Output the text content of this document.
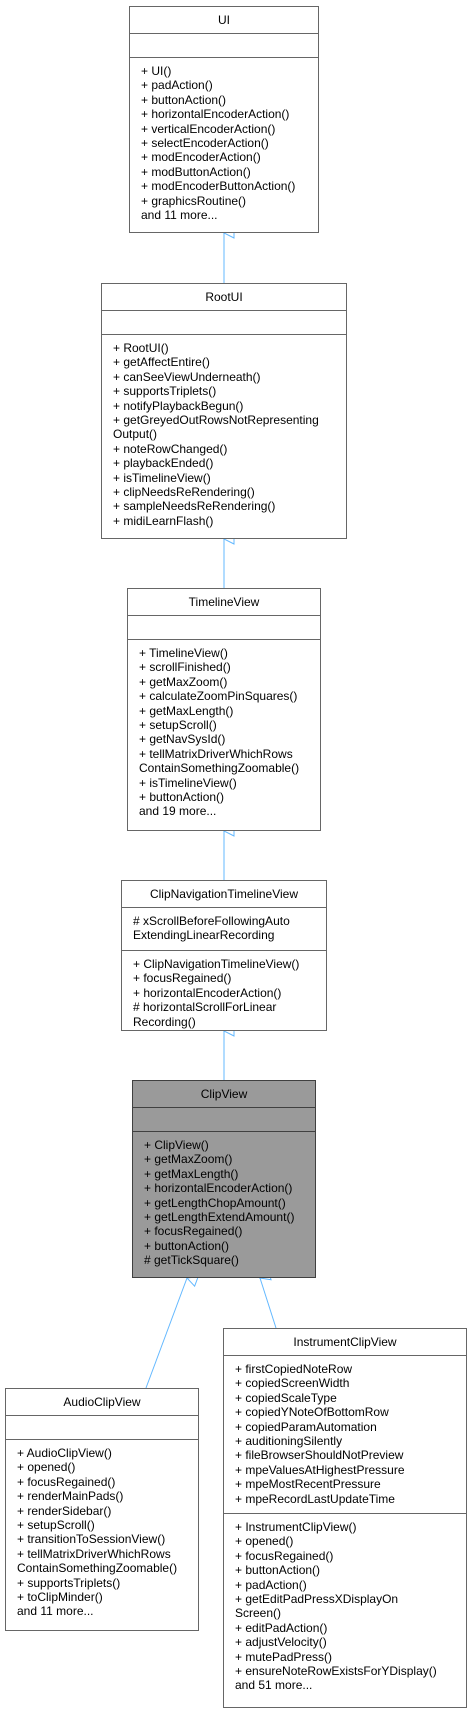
UI
+ UI()
+ padAction()
+ buttonAction()
+ horizontalEncoderAction()
+ verticalEncoderAction()
+ selectEncoderAction()
+ modEncoderAction()
+ modButtonAction()
+ modEncoderButtonAction()
+ graphicsRoutine()
and 11 more...
RootUI
+ RootUI()
+ getAffectEntire()
+ canSeeViewUnderneath()
+ supportsTriplets()
+ notifyPlaybackBegun()
+ getGreyedOutRowsNotRepresenting
Output()
+ noteRowChanged()
+ playbackEnded()
+ isTimelineView()
+ clipNeedsReRendering()
+ sampleNeedsReRendering()
+ midiLearnFlash()
TimelineView
+ TimelineView()
+ scrollFinished()
+ getMaxZoom()
+ calculateZoomPinSquares()
+ getMaxLength()
+ setupScroll()
+ getNavSysId()
+ tellMatrixDriverWhichRows
ContainSomethingZoomable()
+ isTimelineView()
+ buttonAction()
and 19 more...
ClipNavigationTimelineView
# xScrollBeforeFollowingAuto
ExtendingLinearRecording
+ ClipNavigationTimelineView()
+ focusRegained()
+ horizontalEncoderAction()
# horizontalScrollForLinear
Recording()
ClipView
+ ClipView()
+ getMaxZoom()
+ getMaxLength()
+ horizontalEncoderAction()
+ getLengthChopAmount()
+ getLengthExtendAmount()
+ focusRegained()
+ buttonAction()
# getTickSquare()
AudioClipView
+ AudioClipView()
+ opened()
+ focusRegained()
+ renderMainPads()
+ renderSidebar()
+ setupScroll()
+ transitionToSessionView()
+ tellMatrixDriverWhichRows
ContainSomethingZoomable()
+ supportsTriplets()
+ toClipMinder()
and 11 more...
InstrumentClipView
+ firstCopiedNoteRow
+ copiedScreenWidth
+ copiedScaleType
+ copiedYNoteOfBottomRow
+ copiedParamAutomation
+ auditioningSilently
+ fileBrowserShouldNotPreview
+ mpeValuesAtHighestPressure
+ mpeMostRecentPressure
+ mpeRecordLastUpdateTime
+ InstrumentClipView()
+ opened()
+ focusRegained()
+ buttonAction()
+ padAction()
+ getEditPadPressXDisplayOn
Screen()
+ editPadAction()
+ adjustVelocity()
+ mutePadPress()
+ ensureNoteRowExistsForYDisplay()
and 51 more...
